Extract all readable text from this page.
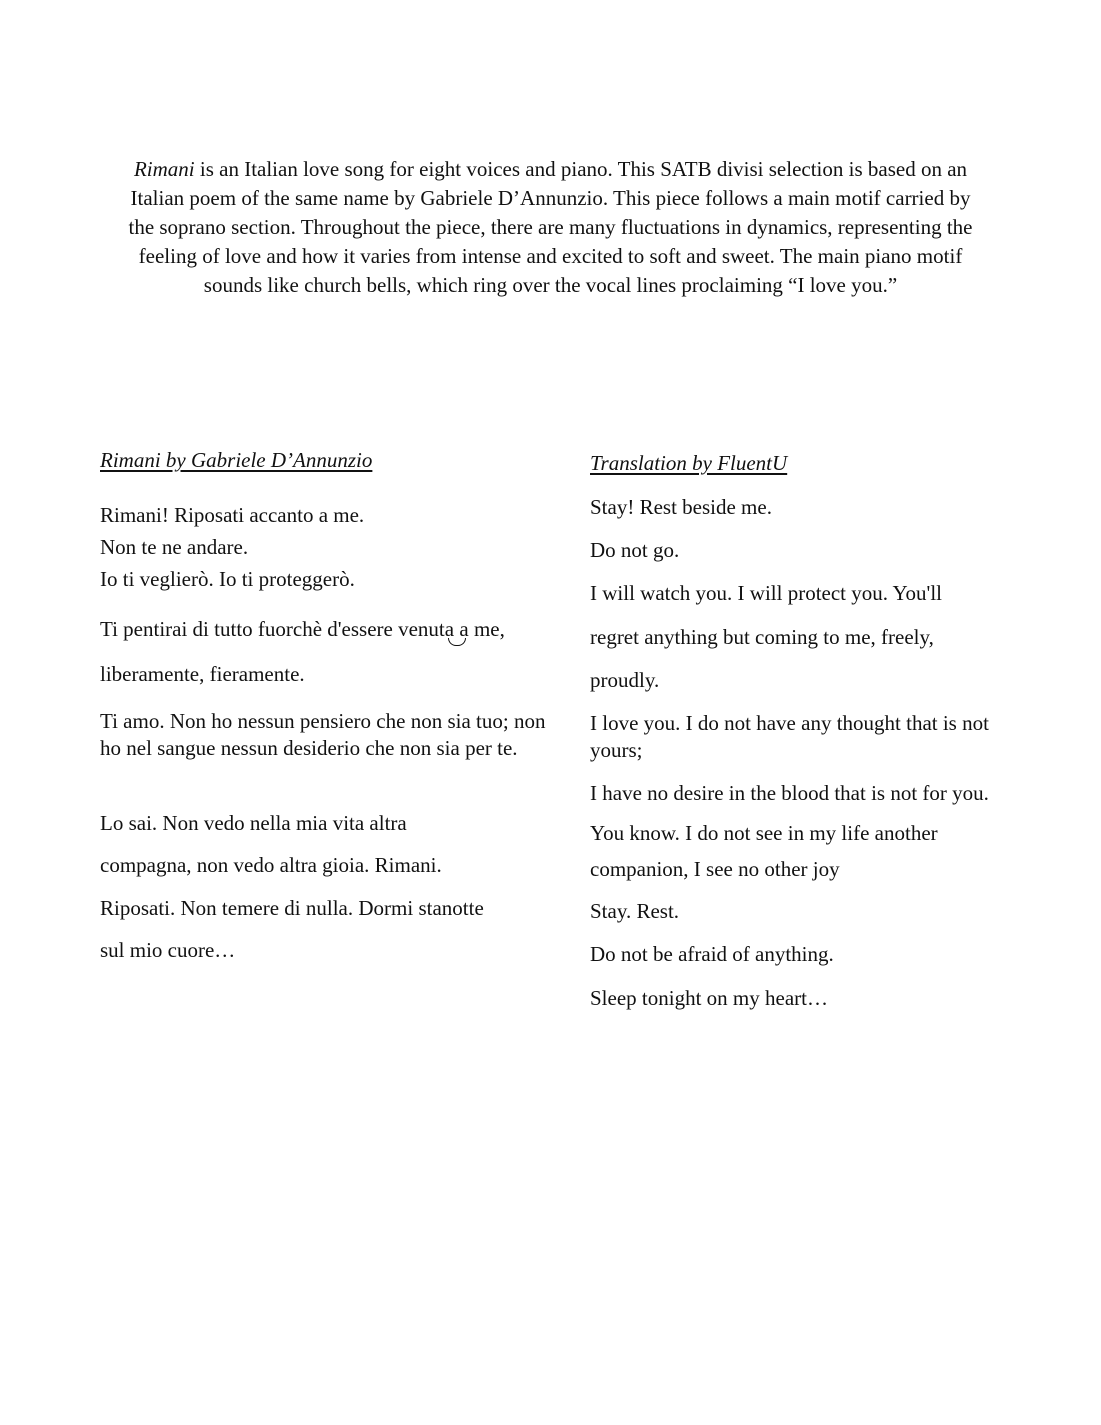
Rimani is an Italian love song for eight voices and piano. This SATB divisi selection is based on an Italian poem of the same name by Gabriele D’Annunzio. This piece follows a main motif carried by the soprano section. Throughout the piece, there are many fluctuations in dynamics, representing the feeling of love and how it varies from intense and excited to soft and sweet. The main piano motif sounds like church bells, which ring over the vocal lines proclaiming “I love you.”

Rimani by Gabriele D’Annunzio

Rimani! Riposati accanto a me.

Non te ne andare.

Io ti veglierò. Io ti proteggerò.

Ti pentirai di tutto fuorchè d'essere venuta a
me,

liberamente, fieramente.

Ti amo. Non ho nessun pensiero che non sia tuo; non ho nel sangue nessun desiderio che non sia per te.

Lo sai. Non vedo nella mia vita altra

compagna, non vedo altra gioia. Rimani.

Riposati. Non temere di nulla. Dormi stanotte

sul mio cuore…

Translation by FluentU

Stay! Rest beside me.

Do not go.

I will watch you. I will protect you. You'll

regret anything but coming to me, freely,

proudly.

I love you. I do not have any thought that is not yours;

I have no desire in the blood that is not for you.

You know. I do not see in my life another

companion, I see no other joy

Stay. Rest.

Do not be afraid of anything.

Sleep tonight on my heart…
